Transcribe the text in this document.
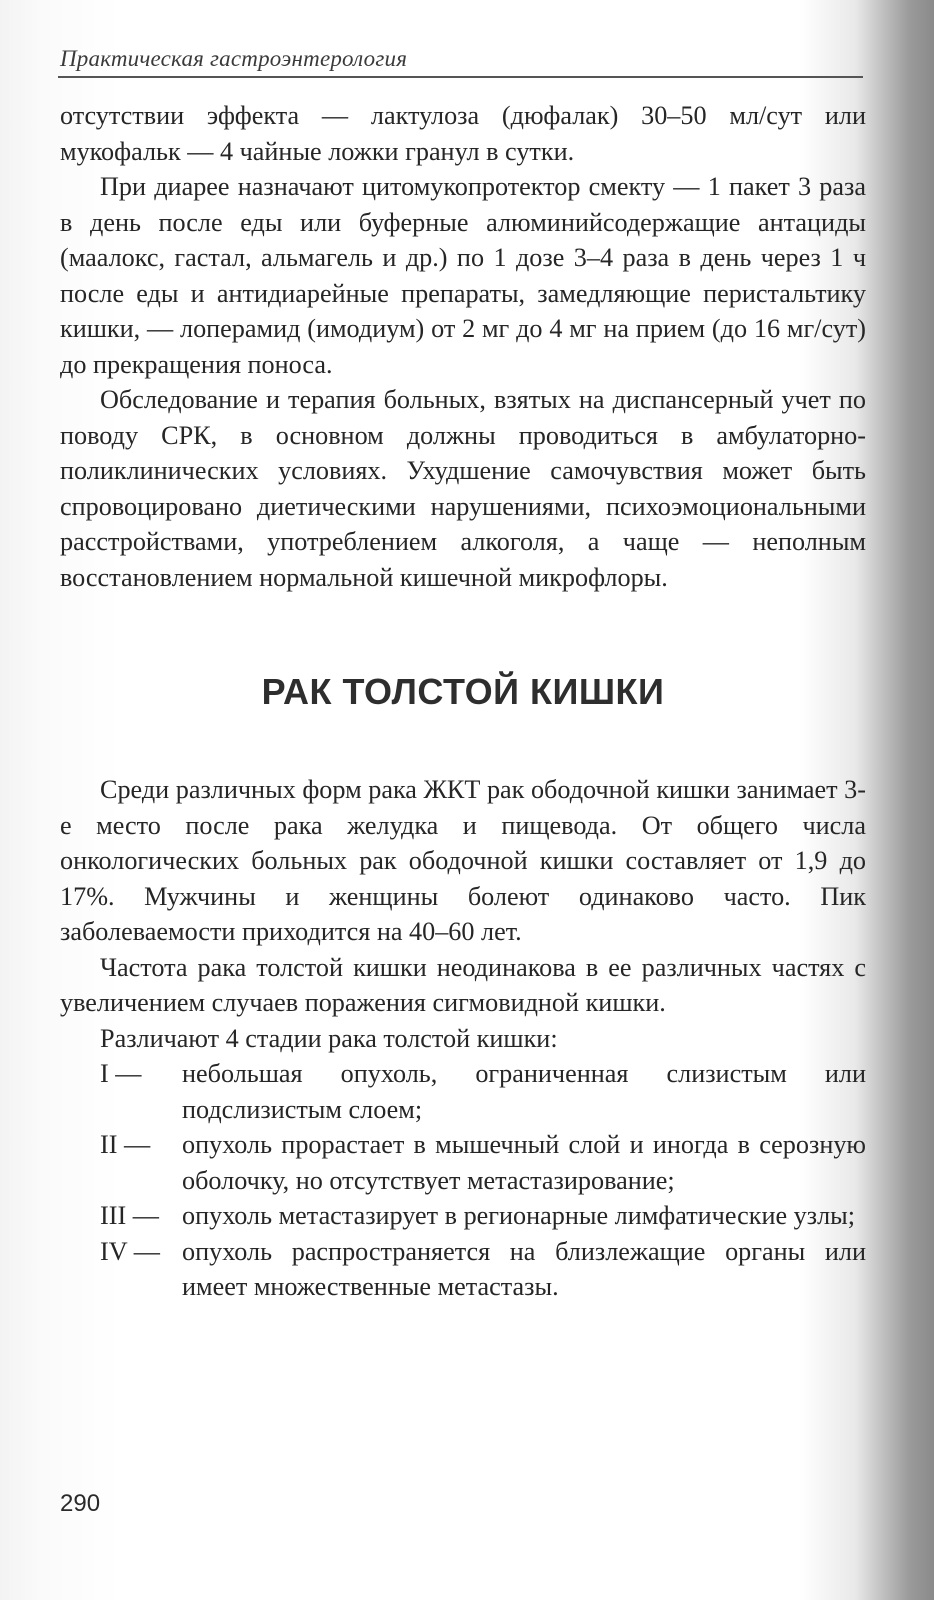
Практическая гастроэнтерология

отсутствии эффекта — лактулоза (дюфалак) 30–50 мл/сут или мукофальк — 4 чайные ложки гранул в сутки.

При диарее назначают цитомукопротектор смекту — 1 пакет 3 раза в день после еды или буферные алюминийсодержащие антациды (маалокс, гастал, альмагель и др.) по 1 дозе 3–4 раза в день через 1 ч после еды и антидиарейные препараты, замедляющие перистальтику кишки, — лоперамид (имодиум) от 2 мг до 4 мг на прием (до 16 мг/сут) до прекращения поноса.

Обследование и терапия больных, взятых на диспансерный учет по поводу СРК, в основном должны проводиться в амбулаторно-поликлинических условиях. Ухудшение самочувствия может быть спровоцировано диетическими нарушениями, психоэмоциональными расстройствами, употреблением алкоголя, а чаще — неполным восстановлением нормальной кишечной микрофлоры.

РАК ТОЛСТОЙ КИШКИ

Среди различных форм рака ЖКТ рак ободочной кишки занимает 3-е место после рака желудка и пищевода. От общего числа онкологических больных рак ободочной кишки составляет от 1,9 до 17%. Мужчины и женщины болеют одинаково часто. Пик заболеваемости приходится на 40–60 лет.

Частота рака толстой кишки неодинакова в ее различных частях с увеличением случаев поражения сигмовидной кишки.

Различают 4 стадии рака толстой кишки:

I —	небольшая опухоль, ограниченная слизистым или подслизистым слоем;
II —	опухоль прорастает в мышечный слой и иногда в серозную оболочку, но отсутствует метастазирование;
III — опухоль метастазирует в регионарные лимфатические узлы;
IV — опухоль распространяется на близлежащие органы или имеет множественные метастазы.
290
